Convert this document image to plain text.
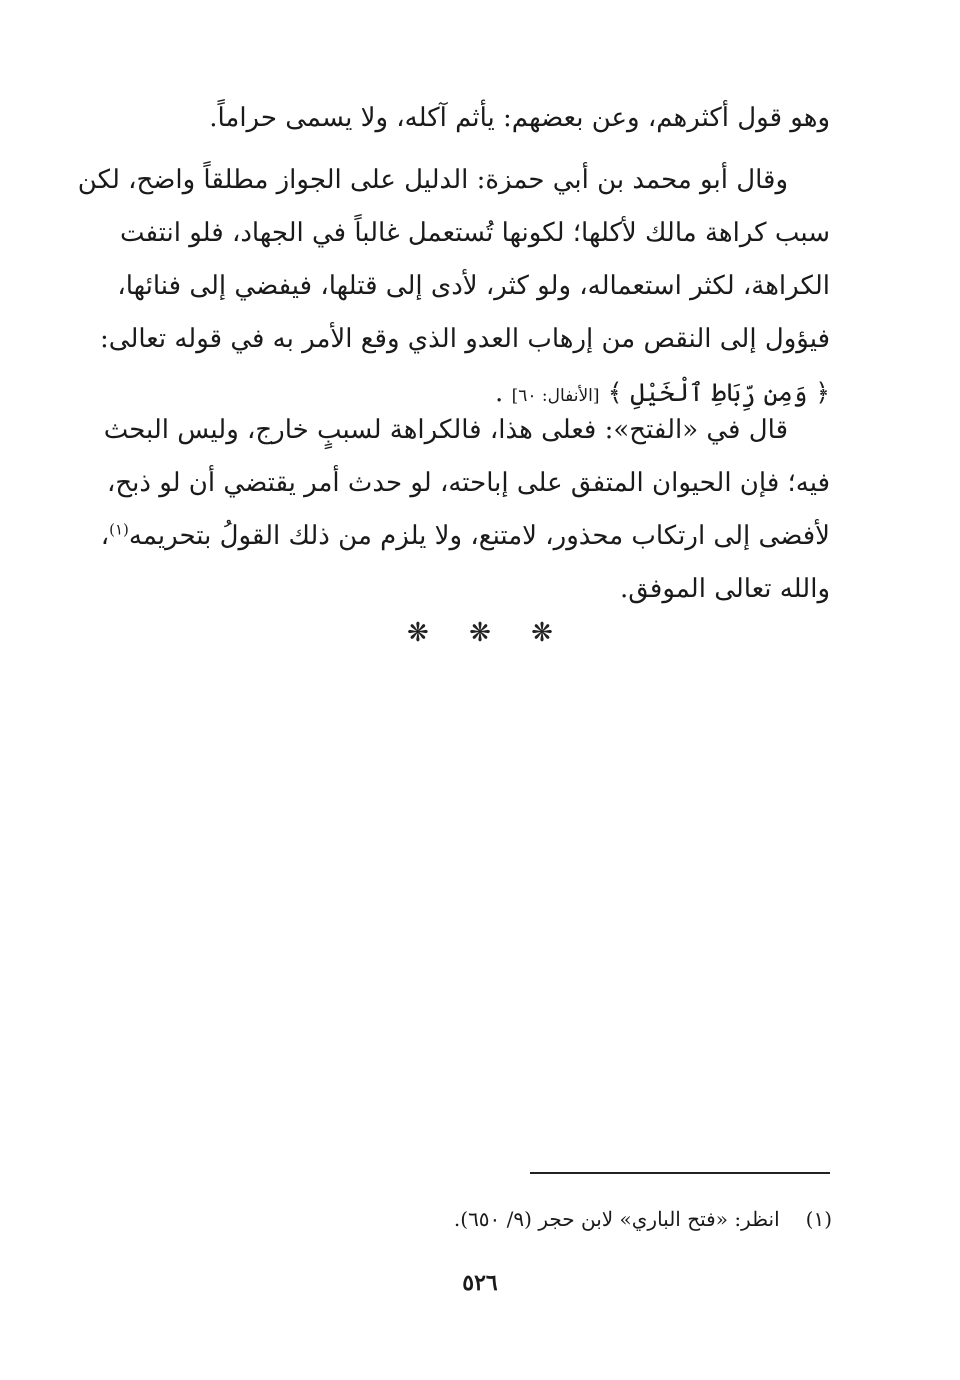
وهو قول أكثرهم، وعن بعضهم: يأثم آكله، ولا يسمى حراماً.

وقال أبو محمد بن أبي حمزة: الدليل على الجواز مطلقاً واضح، لكن
سبب كراهة مالك لأكلها؛ لكونها تُستعمل غالباً في الجهاد، فلو انتفت
الكراهة، لكثر استعماله، ولو كثر، لأدى إلى قتلها، فيفضي إلى فنائها،
فيؤول إلى النقص من إرهاب العدو الذي وقع الأمر به في قوله تعالى:
﴿ وَمِن رِّبَاطِ ٱلْخَيْلِ ﴾ [الأنفال: ٦٠] .

قال في «الفتح»: فعلى هذا، فالكراهة لسببٍ خارج، وليس البحث
فيه؛ فإن الحيوان المتفق على إباحته، لو حدث أمر يقتضي أن لو ذبح،
لأفضى إلى ارتكاب محذور، لامتنع، ولا يلزم من ذلك القولُ بتحريمه$^{(١)}$،
والله تعالى الموفق.

❋ ❋ ❋
(١)انظر: «فتح الباري» لابن حجر (٩/ ٦٥٠).
٥٢٦
